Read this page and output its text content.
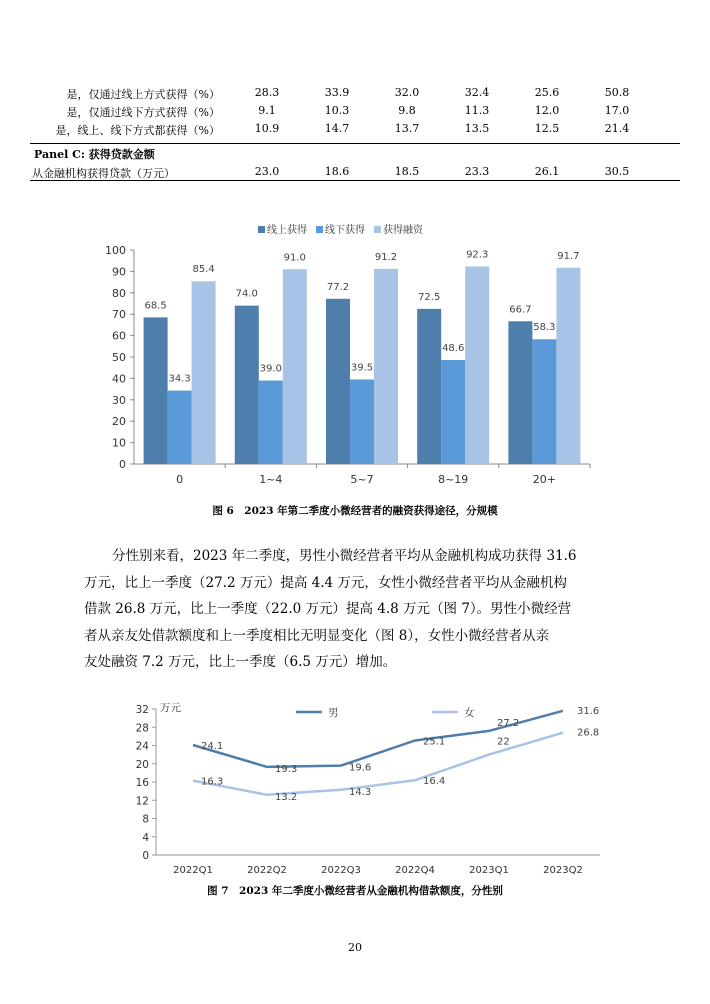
是，仅通过线上方式获得（%）	28.3	33.9	32.0	32.4	25.6	50.8
是，仅通过线下方式获得（%）	9.1	10.3	9.8	11.3	12.0	17.0
是，线上、线下方式都获得（%）	10.9	14.7	13.7	13.5	12.5	21.4
Panel C: 获得贷款金额
从金融机构获得贷款（万元）	23.0	18.6	18.5	23.3	26.1	30.5
0
10
20
30
40
50
60
70
80
90
100
0
68.5
34.3
85.4
1~4
74.0
39.0
91.0
5~7
77.2
39.5
91.2
8~19
72.5
48.6
92.3
20+
66.7
58.3
91.7
线上获得 线下获得 获得融资
图 6　2023 年第二季度小微经营者的融资获得途径，分规模
分性别来看，2023 年二季度，男性小微经营者平均从金融机构成功获得 31.6
万元，比上一季度（27.2 万元）提高 4.4 万元，女性小微经营者平均从金融机构
借款 26.8 万元，比上一季度（22.0 万元）提高 4.8 万元（图 7）。男性小微经营
者从亲友处借款额度和上一季度相比无明显变化（图 8），女性小微经营者从亲
友处融资 7.2 万元，比上一季度（6.5 万元）增加。
0
4
8
12
16
20
24
28
32 万元
2022Q1	2022Q2	2022Q3	2022Q4	2023Q1	2023Q2
24.1
19.3	19.6
25.1
27.2
31.6
16.3
13.2	14.3
16.4
22
26.8
男	女
图 7　2023 年二季度小微经营者从金融机构借款额度，分性别
20
